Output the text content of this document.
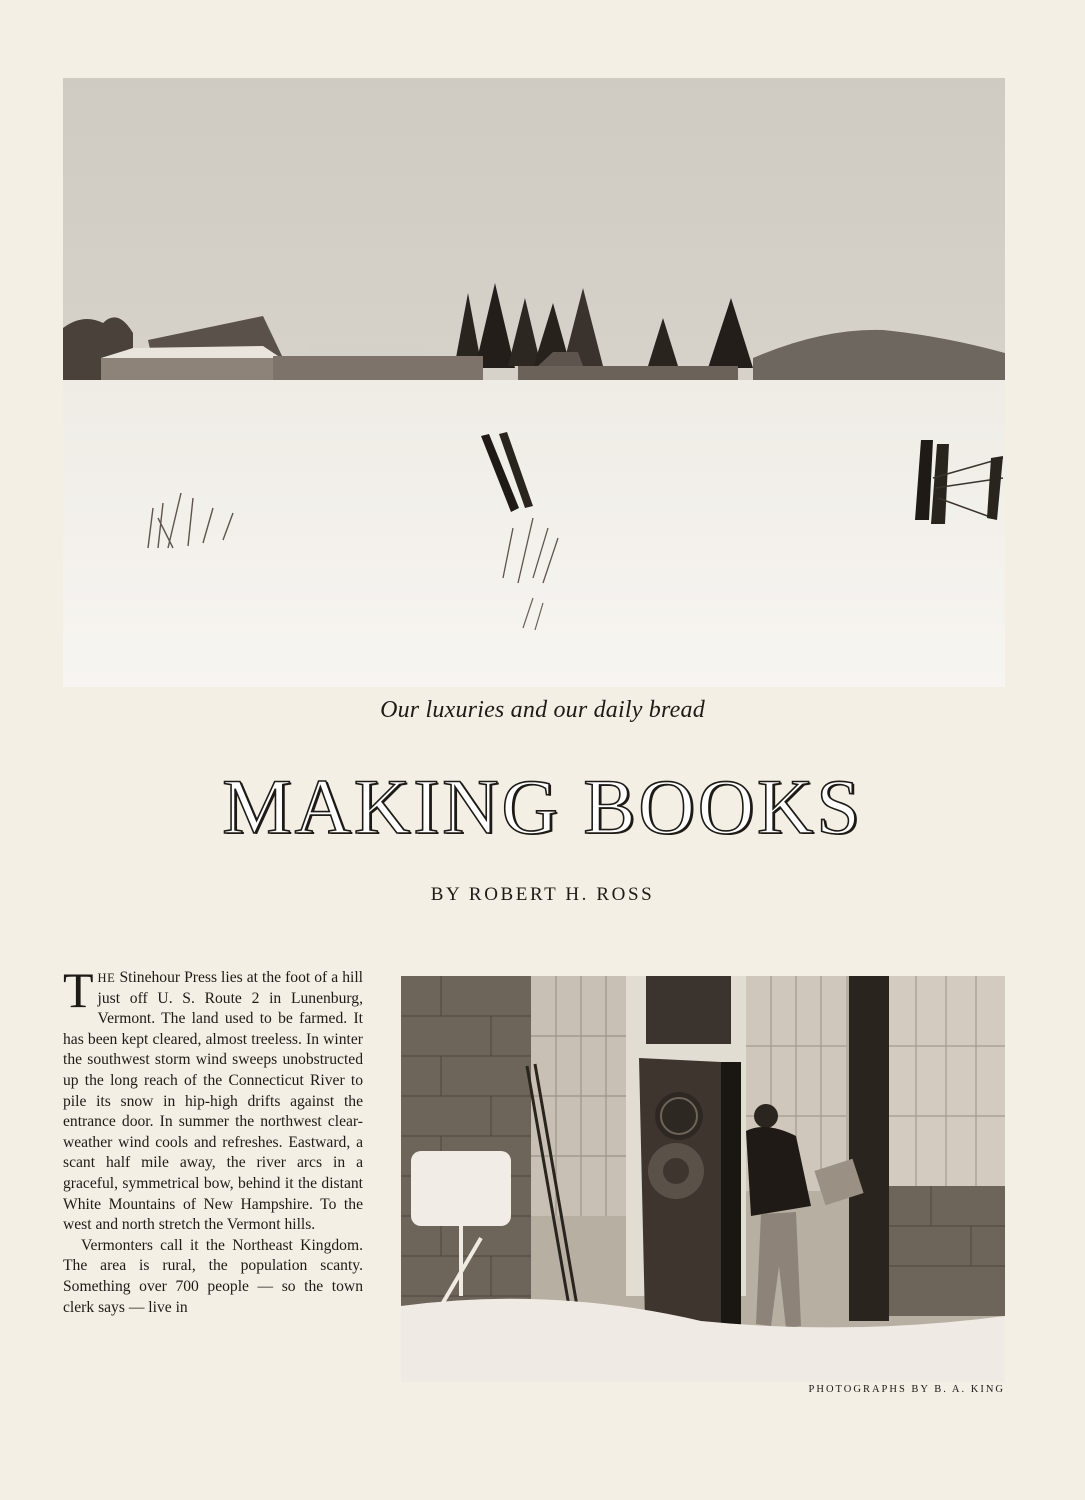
Our luxuries and our daily bread
MAKING BOOKS
BY ROBERT H. ROSS

THE Stinehour Press lies at the foot of a hill just off U. S. Route 2 in Lunenburg, Vermont. The land used to be farmed. It has been kept cleared, almost treeless. In winter the southwest storm wind sweeps unobstructed up the long reach of the Connecticut River to pile its snow in hip-high drifts against the entrance door. In summer the northwest clear-weather wind cools and refreshes. Eastward, a scant half mile away, the river arcs in a graceful, symmetrical bow, behind it the distant White Mountains of New Hampshire. To the west and north stretch the Vermont hills.

Vermonters call it the Northeast Kingdom. The area is rural, the population scanty. Something over 700 people — so the town clerk says — live in

PHOTOGRAPHS BY B. A. KING
